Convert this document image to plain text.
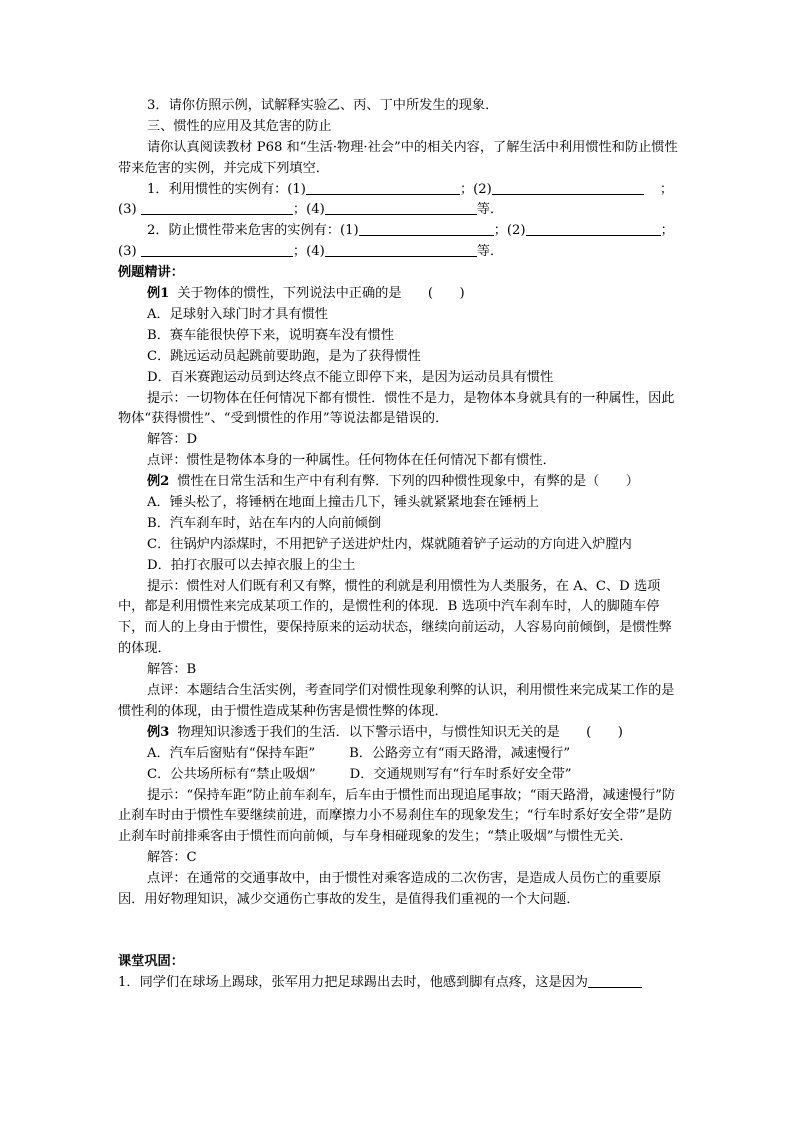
3．请你仿照示例，试解释实验乙、丙、丁中所发生的现象．
三、惯性的应用及其危害的防止
请你认真阅读教材 P68 和“生活·物理·社会”中的相关内容，了解生活中利用惯性和防止惯性带来危害的实例，并完成下列填空．
1．利用惯性的实例有：(1)	；(2)	；
(3)	；(4)	等．
2．防止惯性带来危害的实例有：(1)	；(2)	；
(3)	；(4)	等．
例题精讲：
例1 关于物体的惯性，下列说法中正确的是　　(　　)
A．足球射入球门时才具有惯性
B．赛车能很快停下来，说明赛车没有惯性
C．跳远运动员起跳前要助跑，是为了获得惯性
D．百米赛跑运动员到达终点不能立即停下来，是因为运动员具有惯性
提示：一切物体在任何情况下都有惯性．惯性不是力，是物体本身就具有的一种属性，因此物体“获得惯性”、“受到惯性的作用”等说法都是错误的．
解答：D
点评：惯性是物体本身的一种属性。任何物体在任何情况下都有惯性．
例2 惯性在日常生活和生产中有利有弊．下列的四种惯性现象中，有弊的是（　　）
A．锤头松了，将锤柄在地面上撞击几下，锤头就紧紧地套在锤柄上
B．汽车刹车时，站在车内的人向前倾倒
C．往锅炉内添煤时，不用把铲子送进炉灶内，煤就随着铲子运动的方向进入炉膛内
D．拍打衣服可以去掉衣服上的尘土
提示：惯性对人们既有利又有弊，惯性的利就是利用惯性为人类服务，在 A、C、D 选项中，都是利用惯性来完成某项工作的，是惯性利的体现．B 选项中汽车刹车时，人的脚随车停下，而人的上身由于惯性，要保持原来的运动状态，继续向前运动，人容易向前倾倒，是惯性弊的体现．
解答：B
点评：本题结合生活实例，考查同学们对惯性现象利弊的认识，利用惯性来完成某工作的是惯性利的体现，由于惯性造成某种伤害是惯性弊的体现．
例3 物理知识渗透于我们的生活．以下警示语中，与惯性知识无关的是　　(　　)
A．汽车后窗贴有“保持车距”	B．公路旁立有“雨天路滑，减速慢行”
C．公共场所标有“禁止吸烟”	D．交通规则写有“行车时系好安全带”
提示：“保持车距”防止前车刹车，后车由于惯性而出现追尾事故；“雨天路滑，减速慢行”防止刹车时由于惯性车要继续前进，而摩擦力小不易刹住车的现象发生；“行车时系好安全带”是防止刹车时前排乘客由于惯性而向前倾，与车身相碰现象的发生；“禁止吸烟”与惯性无关．
解答：C
点评：在通常的交通事故中，由于惯性对乘客造成的二次伤害，是造成人员伤亡的重要原因．用好物理知识，减少交通伤亡事故的发生，是值得我们重视的一个大问题．
课堂巩固：
1．同学们在球场上踢球，张军用力把足球踢出去时，他感到脚有点疼，这是因为
